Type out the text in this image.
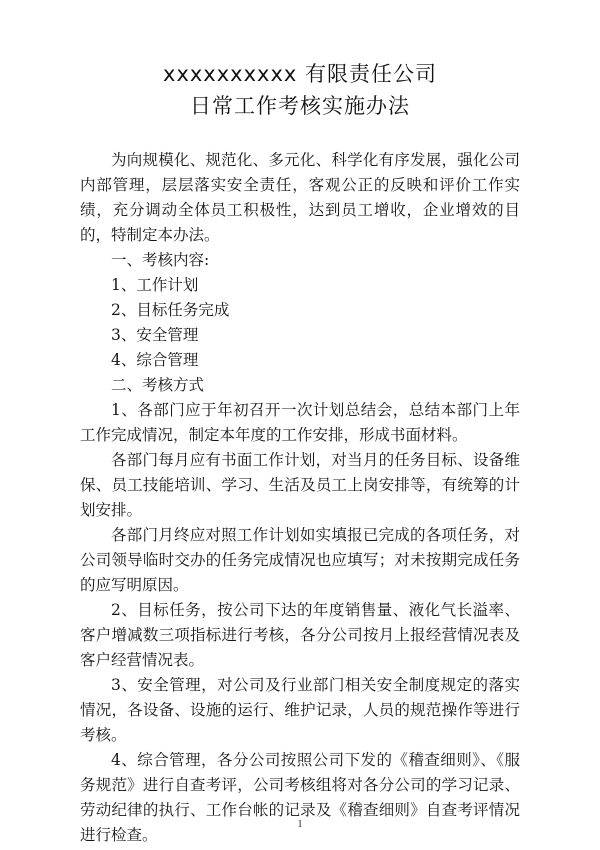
xxxxxxxxxx 有限责任公司
日常工作考核实施办法

为向规模化、规范化、多元化、科学化有序发展，强化公司内部管理，层层落实安全责任，客观公正的反映和评价工作实绩，充分调动全体员工积极性，达到员工增收，企业增效的目的，特制定本办法。

一、考核内容:

1、工作计划

2、目标任务完成

3、安全管理

4、综合管理

二、考核方式

1、各部门应于年初召开一次计划总结会，总结本部门上年工作完成情况，制定本年度的工作安排，形成书面材料。

各部门每月应有书面工作计划，对当月的任务目标、设备维保、员工技能培训、学习、生活及员工上岗安排等，有统筹的计划安排。

各部门月终应对照工作计划如实填报已完成的各项任务，对公司领导临时交办的任务完成情况也应填写；对未按期完成任务的应写明原因。

2、目标任务，按公司下达的年度销售量、液化气长溢率、客户增减数三项指标进行考核，各分公司按月上报经营情况表及客户经营情况表。

3、安全管理，对公司及行业部门相关安全制度规定的落实情况，各设备、设施的运行、维护记录，人员的规范操作等进行考核。

4、综合管理，各分公司按照公司下发的《稽查细则》、《服务规范》进行自查考评，公司考核组将对各分公司的学习记录、劳动纪律的执行、工作台帐的记录及《稽查细则》自查考评情况进行检查。

1
